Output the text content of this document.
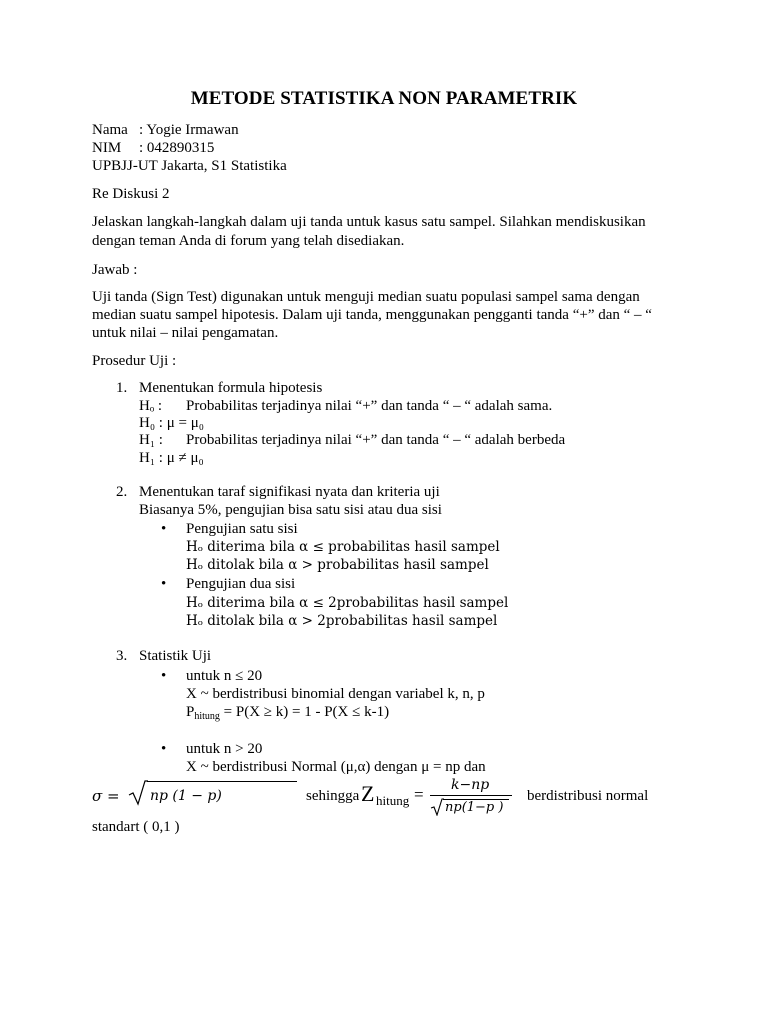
METODE STATISTIKA NON PARAMETRIK
Nama : Yogie Irmawan
NIM : 042890315
UPBJJ-UT Jakarta, S1 Statistika
Re Diskusi 2
Jelaskan langkah-langkah dalam uji tanda untuk kasus satu sampel. Silahkan mendiskusikan
dengan teman Anda di forum yang telah disediakan.
Jawab :
Uji tanda (Sign Test) digunakan untuk menguji median suatu populasi sampel sama dengan
median suatu sampel hipotesis. Dalam uji tanda, menggunakan pengganti tanda “+” dan “ – “
untuk nilai – nilai pengamatan.
Prosedur Uji :
1. Menentukan formula hipotesis
Hₒ : Probabilitas terjadinya nilai “+” dan tanda “ – “ adalah sama.
H₀ : μ = μ₀
H₁ : Probabilitas terjadinya nilai “+” dan tanda “ – “ adalah berbeda
H₁ : μ ≠ μ₀
2. Menentukan taraf signifikasi nyata dan kriteria uji
Biasanya 5%, pengujian bisa satu sisi atau dua sisi
• Pengujian satu sisi
Hₒ diterima bila α ≤ probabilitas hasil sampel
Hₒ ditolak bila α > probabilitas hasil sampel
• Pengujian dua sisi
Hₒ diterima bila α ≤ 2probabilitas hasil sampel
Hₒ ditolak bila α > 2probabilitas hasil sampel
3. Statistik Uji
• untuk n ≤ 20
X ~ berdistribusi binomial dengan variabel k, n, p
$P_{hitung} = P(X \ge k) = 1 - P(X \le k-1)$
• untuk n > 20
X ~ berdistribusi Normal (μ,α) dengan μ = np dan
σ = np (1 − p)	sehingga Z hitung = k−np
np(1−p )
berdistribusi normal
standart ( 0,1 )
